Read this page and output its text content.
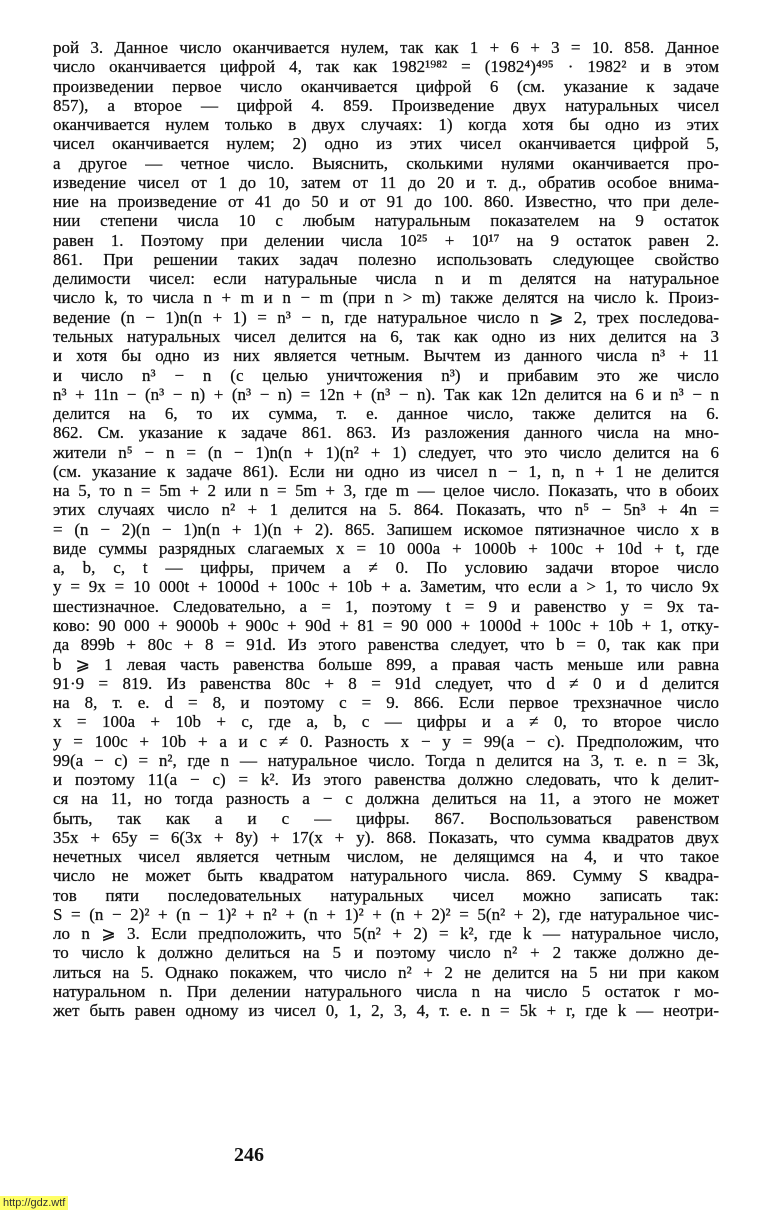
рой 3. Данное число оканчивается нулем, так как 1 + 6 + 3 = 10. 858. Данное
число оканчивается цифрой 4, так как 1982¹⁹⁸² = (1982⁴)⁴⁹⁵ · 1982² и в этом
произведении первое число оканчивается цифрой 6 (см. указание к задаче
857), а второе — цифрой 4. 859. Произведение двух натуральных чисел
оканчивается нулем только в двух случаях: 1) когда хотя бы одно из этих
чисел оканчивается нулем; 2) одно из этих чисел оканчивается цифрой 5,
а другое — четное число. Выяснить, сколькими нулями оканчивается про-
изведение чисел от 1 до 10, затем от 11 до 20 и т. д., обратив особое внима-
ние на произведение от 41 до 50 и от 91 до 100. 860. Известно, что при деле-
нии степени числа 10 с любым натуральным показателем на 9 остаток
равен 1. Поэтому при делении числа 10²⁵ + 10¹⁷ на 9 остаток равен 2.
861. При решении таких задач полезно использовать следующее свойство
делимости чисел: если натуральные числа n и m делятся на натуральное
число k, то числа n + m и n − m (при n > m) также делятся на число k. Произ-
ведение (n − 1)n(n + 1) = n³ − n, где натуральное число n ⩾ 2, трех последова-
тельных натуральных чисел делится на 6, так как одно из них делится на 3
и хотя бы одно из них является четным. Вычтем из данного числа n³ + 11
и число n³ − n (с целью уничтожения n³) и прибавим это же число
n³ + 11n − (n³ − n) + (n³ − n) = 12n + (n³ − n). Так как 12n делится на 6 и n³ − n
делится на 6, то их сумма, т. е. данное число, также делится на 6.
862. См. указание к задаче 861. 863. Из разложения данного числа на мно-
жители n⁵ − n = (n − 1)n(n + 1)(n² + 1) следует, что это число делится на 6
(см. указание к задаче 861). Если ни одно из чисел n − 1, n, n + 1 не делится
на 5, то n = 5m + 2 или n = 5m + 3, где m — целое число. Показать, что в обоих
этих случаях число n² + 1 делится на 5. 864. Показать, что n⁵ − 5n³ + 4n =
= (n − 2)(n − 1)n(n + 1)(n + 2). 865. Запишем искомое пятизначное число x в
виде суммы разрядных слагаемых x = 10 000a + 1000b + 100c + 10d + t, где
a, b, c, t — цифры, причем a ≠ 0. По условию задачи второе число
y = 9x = 10 000t + 1000d + 100c + 10b + a. Заметим, что если a > 1, то число 9x
шестизначное. Следовательно, a = 1, поэтому t = 9 и равенство y = 9x та-
ково: 90 000 + 9000b + 900c + 90d + 81 = 90 000 + 1000d + 100c + 10b + 1, отку-
да 899b + 80c + 8 = 91d. Из этого равенства следует, что b = 0, так как при
b ⩾ 1 левая часть равенства больше 899, а правая часть меньше или равна
91·9 = 819. Из равенства 80c + 8 = 91d следует, что d ≠ 0 и d делится
на 8, т. е. d = 8, и поэтому c = 9. 866. Если первое трехзначное число
x = 100a + 10b + c, где a, b, c — цифры и a ≠ 0, то второе число
y = 100c + 10b + a и c ≠ 0. Разность x − y = 99(a − c). Предположим, что
99(a − c) = n², где n — натуральное число. Тогда n делится на 3, т. е. n = 3k,
и поэтому 11(a − c) = k². Из этого равенства должно следовать, что k делит-
ся на 11, но тогда разность a − c должна делиться на 11, а этого не может
быть, так как a и c — цифры. 867. Воспользоваться равенством
35x + 65y = 6(3x + 8y) + 17(x + y). 868. Показать, что сумма квадратов двух
нечетных чисел является четным числом, не делящимся на 4, и что такое
число не может быть квадратом натурального числа. 869. Сумму S квадра-
тов пяти последовательных натуральных чисел можно записать так:
S = (n − 2)² + (n − 1)² + n² + (n + 1)² + (n + 2)² = 5(n² + 2), где натуральное чис-
ло n ⩾ 3. Если предположить, что 5(n² + 2) = k², где k — натуральное число,
то число k должно делиться на 5 и поэтому число n² + 2 также должно де-
литься на 5. Однако покажем, что число n² + 2 не делится на 5 ни при каком
натуральном n. При делении натурального числа n на число 5 остаток r мо-
жет быть равен одному из чисел 0, 1, 2, 3, 4, т. е. n = 5k + r, где k — неотри-
246
http://gdz.wtf
